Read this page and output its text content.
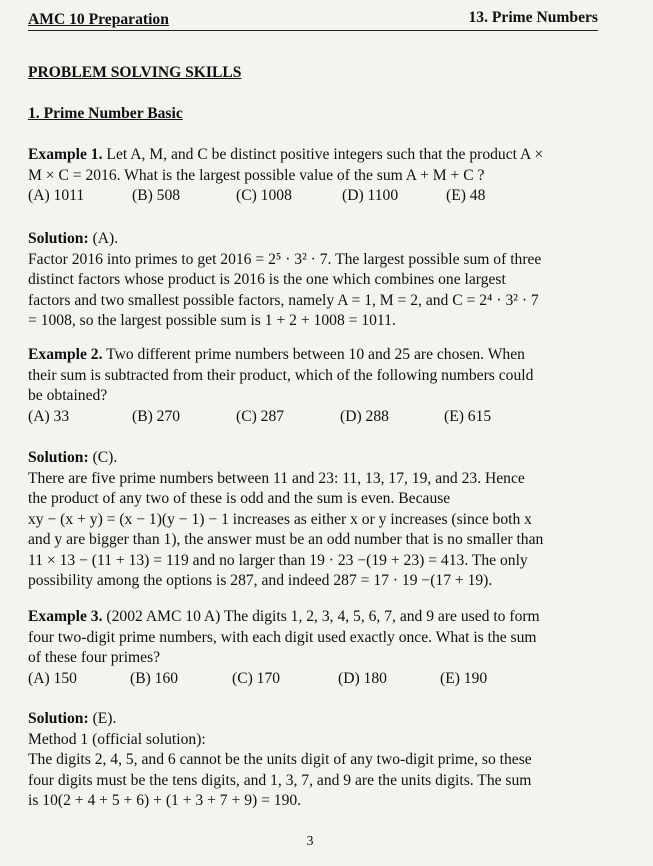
AMC 10 Preparation	13. Prime Numbers
PROBLEM SOLVING SKILLS
1. Prime Number Basic

Example 1. Let A, M, and C be distinct positive integers such that the product A ×

M × C = 2016. What is the largest possible value of the sum A + M + C ?

(A) 1011	(B) 508	(C) 1008	(D) 1100	(E) 48

Solution: (A).

Factor 2016 into primes to get 2016 = 2⁵ · 3² · 7. The largest possible sum of three

distinct factors whose product is 2016 is the one which combines one largest

factors and two smallest possible factors, namely A = 1, M = 2, and C = 2⁴ · 3² · 7

= 1008, so the largest possible sum is 1 + 2 + 1008 = 1011.

Example 2. Two different prime numbers between 10 and 25 are chosen. When

their sum is subtracted from their product, which of the following numbers could

be obtained?

(A) 33	(B) 270	(C) 287	(D) 288	(E) 615

Solution: (C).

There are five prime numbers between 11 and 23: 11, 13, 17, 19, and 23. Hence

the product of any two of these is odd and the sum is even. Because

xy − (x + y) = (x − 1)(y − 1) − 1 increases as either x or y increases (since both x

and y are bigger than 1), the answer must be an odd number that is no smaller than

11 × 13 − (11 + 13) = 119 and no larger than 19 · 23 −(19 + 23) = 413. The only

possibility among the options is 287, and indeed 287 = 17 · 19 −(17 + 19).

Example 3. (2002 AMC 10 A) The digits 1, 2, 3, 4, 5, 6, 7, and 9 are used to form

four two-digit prime numbers, with each digit used exactly once. What is the sum

of these four primes?

(A) 150	(B) 160	(C) 170	(D) 180	(E) 190

Solution: (E).

Method 1 (official solution):

The digits 2, 4, 5, and 6 cannot be the units digit of any two-digit prime, so these

four digits must be the tens digits, and 1, 3, 7, and 9 are the units digits. The sum

is 10(2 + 4 + 5 + 6) + (1 + 3 + 7 + 9) = 190.

3
